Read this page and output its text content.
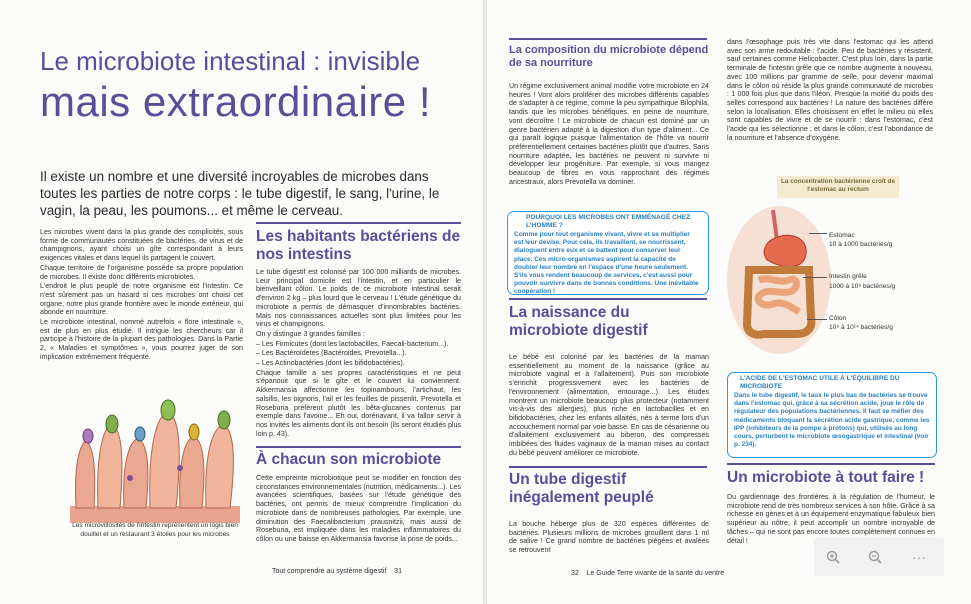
Le microbiote intestinal : invisible
mais extraordinaire !
Il existe un nombre et une diversité incroyables de microbes dans toutes les parties de notre corps : le tube digestif, le sang, l'urine, le vagin, la peau, les poumons... et même le cerveau.

Les microbes vivent dans la plus grande des complicités, sous forme de communautés constituées de bactéries, de virus et de champignons, ayant choisi un gîte correspondant à leurs exigences vitales et dans lequel ils partagent le couvert.

Chaque territoire de l'organisme possède sa propre population de microbes. Il existe donc différents microbiotes.

L'endroit le plus peuplé de notre organisme est l'intestin. Ce n'est sûrement pas un hasard si ces microbes ont choisi cet organe, notre plus grande frontière avec le monde extérieur, qui abonde en nourriture.

Le microbiote intestinal, nommé autrefois « flore intestinale », est de plus en plus étudié. Il intrigue les chercheurs car il participe à l'histoire de la plupart des pathologies. Dans la Partie 2, « Maladies et symptômes », vous pourrez juger de son implication extrêmement fréquente.

Les microvillosités de l'intestin représentent un logis bien douillet et un restaurant 3 étoiles pour les microbes
Les habitants bactériens de nos intestins

Le tube digestif est colonisé par 100 000 milliards de microbes. Leur principal domicile est l'intestin, et en particulier le bienveillant côlon. Le poids de ce microbiote intestinal serait d'environ 2 kg – plus lourd que le cerveau ! L'étude génétique du microbiote a permis de démasquer d'innombrables bactéries. Mais nos connaissances actuelles sont plus limitées pour les virus et champignons.

On y distingue 3 grandes familles :

– Les Firmicutes (dont les lactobacilles, Faecali-bacterium...).

– Les Bactéroïdetes (Bactéroides, Prevotella...).

– Les Actinobactéries (dont les bifidobactéries).

Chaque famille a ses propres caractéristiques et ne peut s'épanouir que si le gîte et le couvert lui conviennent. Akkermansia affectionne les topinambours, l'artichaut, les salsifis, les oignons, l'ail et les feuilles de pissenlit. Prevotella et Roseburia préfèrent plutôt les bêta-glucanes contenus par exemple dans l'avoine... Eh oui, dorénavant, il va falloir servir à nos invités les aliments dont ils ont besoin (ils seront étudiés plus loin p. 43).

À chacun son microbiote
Cette empreinte microbiotique peut se modifier en fonction des circonstances environnementales (nutrition, médicaments...). Les avancées scientifiques, basées sur l'étude génétique des bactéries, ont permis de mieux comprendre l'implication du microbiote dans de nombreuses pathologies. Par exemple, une diminution des Faecalibacterium prausnitzii, mais aussi de Roseburia, est impliquée dans les maladies inflammatoires du côlon ou une baisse en Akkermansia favorise la prise de poids...
Tout comprendre au système digestif 31
La composition du microbiote dépend de sa nourriture
Un régime exclusivement animal modifie votre microbiote en 24 heures ! Vont alors proliférer des microbes différents capables de s'adapter à ce régime, comme la peu sympathique Bilophila, tandis que les microbes bénéfiques, en peine de nourriture, vont décroître ! Le microbiote de chacun est dominé par un genre bactérien adapté à la digestion d'un type d'aliment... Ce qui paraît logique puisque l'alimentation de l'hôte va nourrir préférentiellement certaines bactéries plutôt que d'autres. Sans nourriture adaptée, les bactéries ne peuvent ni survivre ni développer leur progéniture. Par exemple, si vous mangez beaucoup de fibres en vous rapprochant des régimes ancestraux, alors Prevotella va dominer.
POURQUOI LES MICROBES ONT EMMÉNAGÉ CHEZ L'HOMME ?
Comme pour tout organisme vivant, vivre et se multiplier est leur devise. Pour cela, ils travaillent, se nourrissent, dialoguent entre eux et se battent pour conserver leur place. Ces micro-organismes aspirent la capacité de doubler leur nombre en l'espace d'une heure seulement. S'ils vous rendent beaucoup de services, c'est aussi pour pouvoir survivre dans de bonnes conditions. Une inévitable coopération !
La naissance du microbiote digestif
Le bébé est colonisé par les bactéries de la maman essentiellement au moment de la naissance (grâce au microbiote vaginal et à l'allaitement). Puis son microbiote s'enrichit progressivement avec les bactéries de l'environnement (alimentation, entourage...). Les études montrent un microbiote beaucoup plus protecteur (notamment vis-à-vis des allergies), plus riche en lactobacilles et en bifidobactéries, chez les enfants allaités, nés à terme lors d'un accouchement normal par voie basse. En cas de césarienne ou d'allaitement exclusivement au biberon, des compresses imbibées des fluides vaginaux de la maman mises au contact du bébé peuvent améliorer ce microbiote.
Un tube digestif inégalement peuplé
La bouche héberge plus de 320 espèces différentes de bactéries. Plusieurs millions de microbes grouillent dans 1 ml de salive ! Ce grand nombre de bactéries piégées et avalées se retrouvent
dans l'œsophage puis très vite dans l'estomac qui les attend avec son arme redoutable : l'acide. Peu de bactéries y résistent, sauf certaines comme Helicobacter. C'est plus loin, dans la partie terminale de l'intestin grêle que ce nombre augmente à nouveau, avec 100 millions par gramme de selle, pour devenir maximal dans le côlon où réside la plus grande communauté de microbes : 1 000 fois plus que dans l'iléon. Presque la moitié du poids des selles correspond aux bactéries ! La nature des bactéries diffère selon la localisation. Elles choisissent en effet le milieu où elles sont capables de vivre et de se nourrir : dans l'estomac, c'est l'acide qui les sélectionne ; et dans le côlon, c'est l'abondance de la nourriture et l'absence d'oxygène.
La concentration bactérienne croît de l'estomac au rectum
Estomac
10 à 1000 bactéries/g
Intestin grêle
1000 à 10⁸ bactéries/g
Côlon
10⁸ à 10¹⁴ bactéries/g
L'ACIDE DE L'ESTOMAC UTILE À L'ÉQUILIBRE DU MICROBIOTE
Dans le tube digestif, le taux le plus bas de bactéries se trouve dans l'estomac qui, grâce à sa sécrétion acide, joue le rôle de régulateur des populations bactériennes. Il faut se méfier des médicaments bloquant la sécrétion acide gastrique, comme les IPP (inhibiteurs de la pompe à protons) qui, utilisés au long cours, perturbent le microbiote œsogastrique et intestinal (voir p. 234).
Un microbiote à tout faire !
Du gardiennage des frontières à la régulation de l'humeur, le microbiote rend de très nombreux services à son hôte. Grâce à sa richesse en gènes et à un équipement enzymatique fabuleux bien supérieur au nôtre, il peut accomplir un nombre incroyable de tâches – qui ne sont pas encore toutes complètement connues en détail !
32 Le Guide Terre vivante de la santé du ventre
···
